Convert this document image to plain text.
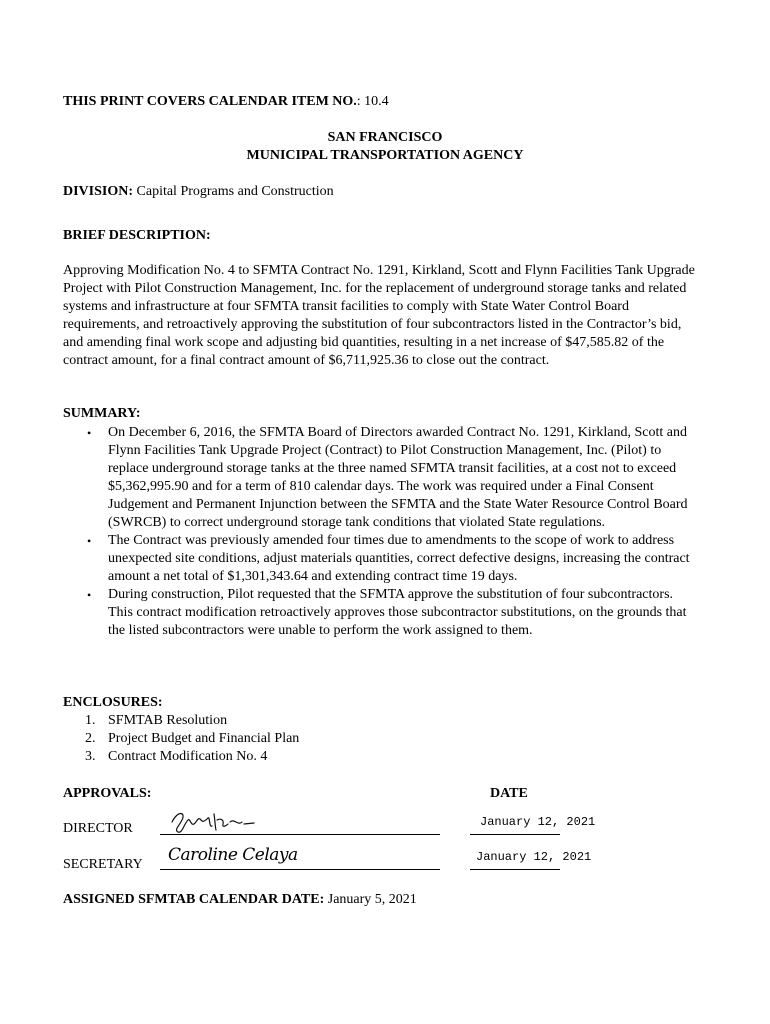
THIS PRINT COVERS CALENDAR ITEM NO.: 10.4
SAN FRANCISCO
MUNICIPAL TRANSPORTATION AGENCY
DIVISION: Capital Programs and Construction
BRIEF DESCRIPTION:
Approving Modification No. 4 to SFMTA Contract No. 1291, Kirkland, Scott and Flynn Facilities Tank Upgrade Project with Pilot Construction Management, Inc. for the replacement of underground storage tanks and related systems and infrastructure at four SFMTA transit facilities to comply with State Water Control Board requirements, and retroactively approving the substitution of four subcontractors listed in the Contractor’s bid, and amending final work scope and adjusting bid quantities, resulting in a net increase of $47,585.82 of the contract amount, for a final contract amount of $6,711,925.36 to close out the contract.
SUMMARY:
• On December 6, 2016, the SFMTA Board of Directors awarded Contract No. 1291, Kirkland, Scott and Flynn Facilities Tank Upgrade Project (Contract) to Pilot Construction Management, Inc. (Pilot) to replace underground storage tanks at the three named SFMTA transit facilities, at a cost not to exceed $5,362,995.90 and for a term of 810 calendar days. The work was required under a Final Consent Judgement and Permanent Injunction between the SFMTA and the State Water Resource Control Board (SWRCB) to correct underground storage tank conditions that violated State regulations.
• The Contract was previously amended four times due to amendments to the scope of work to address unexpected site conditions, adjust materials quantities, correct defective designs, increasing the contract amount a net total of $1,301,343.64 and extending contract time 19 days.
• During construction, Pilot requested that the SFMTA approve the substitution of four subcontractors. This contract modification retroactively approves those subcontractor substitutions, on the grounds that the listed subcontractors were unable to perform the work assigned to them.
ENCLOSURES:
1. SFMTAB Resolution
2. Project Budget and Financial Plan
3. Contract Modification No. 4
APPROVALS:	DATE
DIRECTOR	January 12, 2021
SECRETARY Caroline Celaya	January 12, 2021
ASSIGNED SFMTAB CALENDAR DATE: January 5, 2021
